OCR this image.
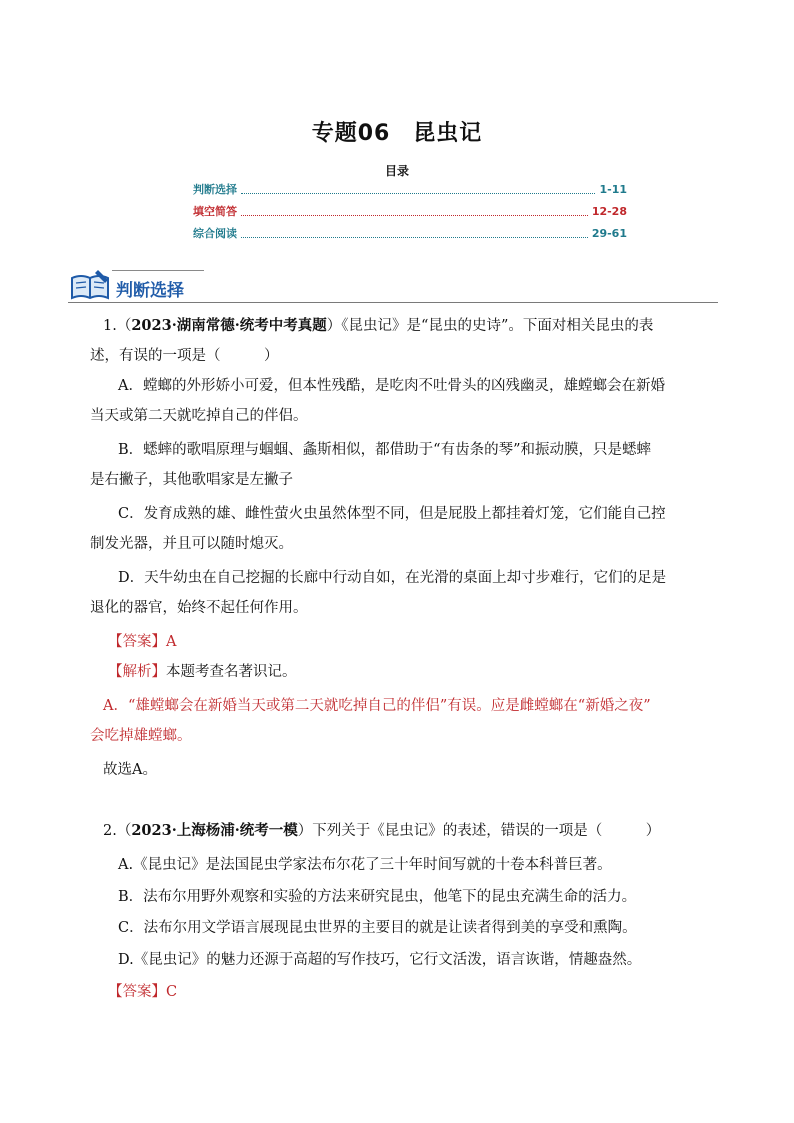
专题06　昆虫记
目录
判断选择	1-11
填空简答	12-28
综合阅读	29-61
判断选择
1.（2023·湖南常德·统考中考真题）《昆虫记》是“昆虫的史诗”。下面对相关昆虫的表
述，有误的一项是（　　　）
A．螳螂的外形娇小可爱，但本性残酷，是吃肉不吐骨头的凶残幽灵，雄螳螂会在新婚
当天或第二天就吃掉自己的伴侣。
B．蟋蟀的歌唱原理与蝈蝈、螽斯相似，都借助于“有齿条的琴”和振动膜，只是蟋蟀
是右撇子，其他歌唱家是左撇子
C．发育成熟的雄、雌性萤火虫虽然体型不同，但是屁股上都挂着灯笼，它们能自己控
制发光器，并且可以随时熄灭。
D．天牛幼虫在自己挖掘的长廊中行动自如，在光滑的桌面上却寸步难行，它们的足是
退化的器官，始终不起任何作用。
【答案】A
【解析】本题考查名著识记。
A．“雄螳螂会在新婚当天或第二天就吃掉自己的伴侣”有误。应是雌螳螂在“新婚之夜”
会吃掉雄螳螂。
故选A。
2.（2023·上海杨浦·统考一模）下列关于《昆虫记》的表述，错误的一项是（　　　）
A.《昆虫记》是法国昆虫学家法布尔花了三十年时间写就的十卷本科普巨著。
B．法布尔用野外观察和实验的方法来研究昆虫，他笔下的昆虫充满生命的活力。
C．法布尔用文学语言展现昆虫世界的主要目的就是让读者得到美的享受和熏陶。
D.《昆虫记》的魅力还源于高超的写作技巧，它行文活泼，语言诙谐，情趣盎然。
【答案】C
